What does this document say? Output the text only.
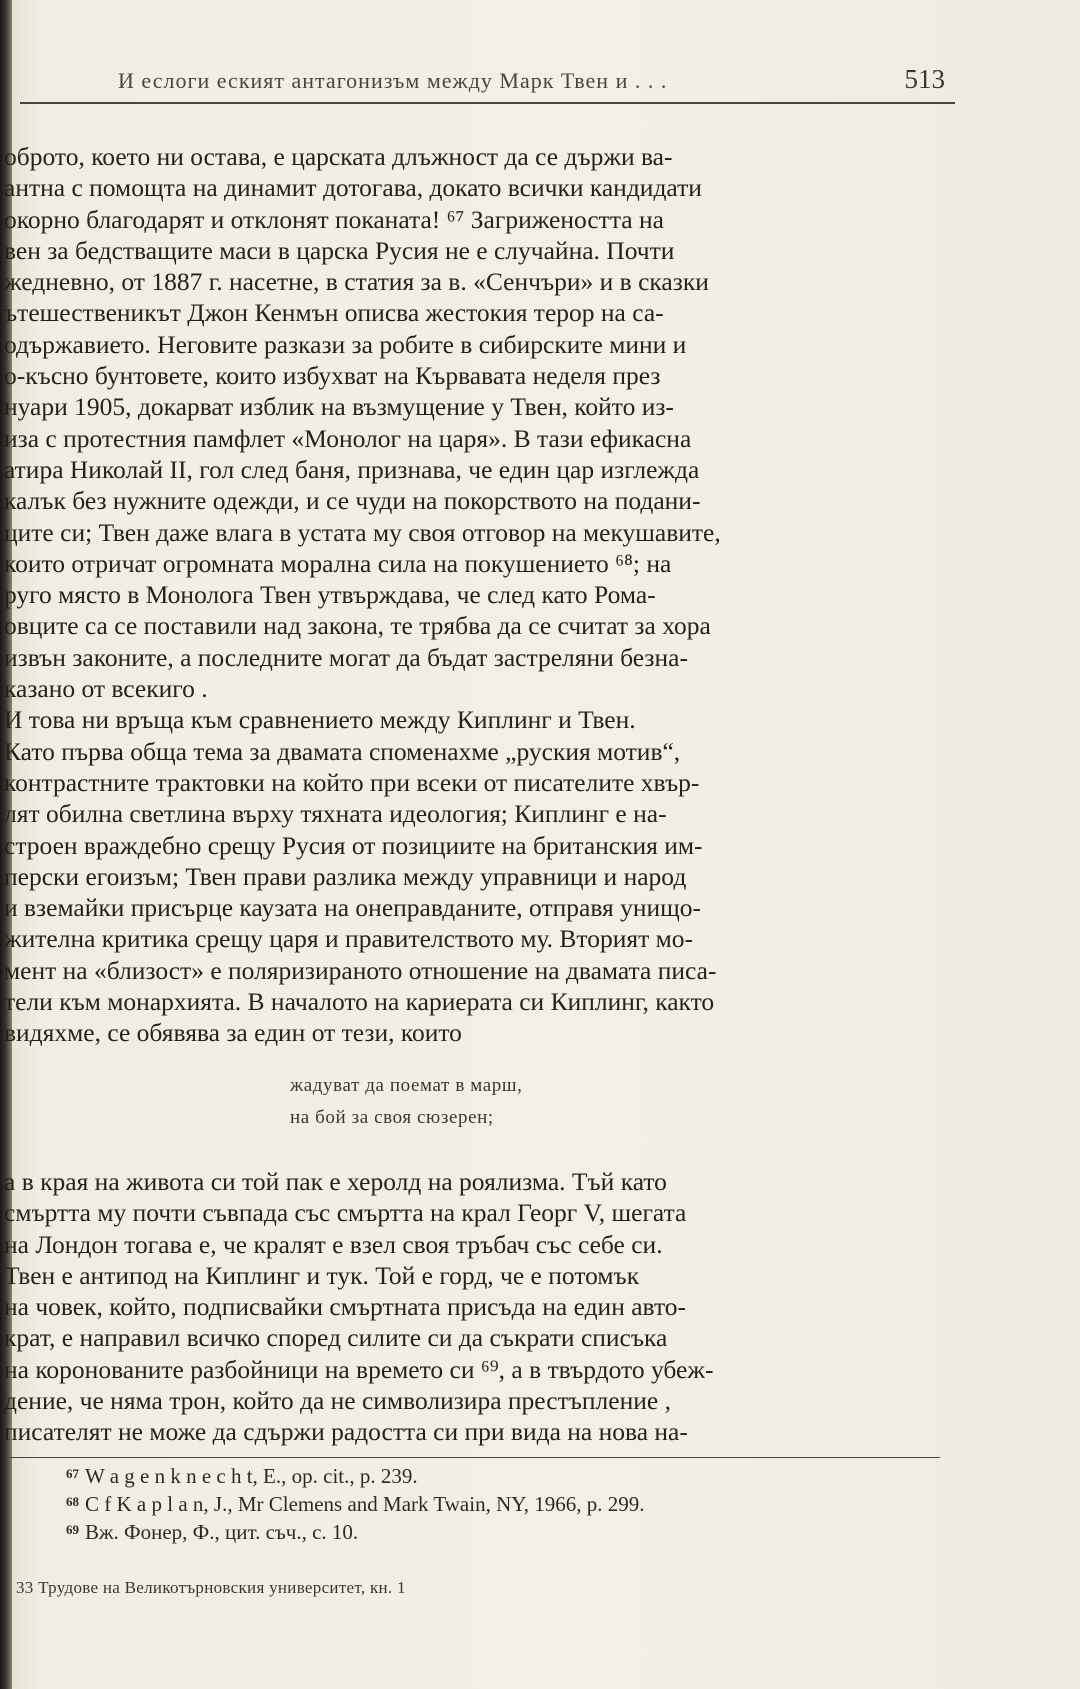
И еслоги еският антагонизъм между Марк Твен и . . .	513
оброто, което ни остава, е царската длъжност да се държи ва-
антна с помощта на динамит дотогава, докато всички кандидати
окорно благодарят и отклонят поканата! ⁶⁷ Загрижеността на
вен за бедстващите маси в царска Русия не е случайна. Почти
жедневно, от 1887 г. насетне, в статия за в. «Сенчъри» и в сказки
ътешественикът Джон Кенмън описва жестокия терор на са-
одържавието. Неговите разкази за робите в сибирските мини и
о-късно бунтовете, които избухват на Кървавата неделя през
нуари 1905, докарват изблик на възмущение у Твен, който из-
иза с протестния памфлет «Монолог на царя». В тази ефикасна
атира Николай II, гол след баня, признава, че един цар изглежда
калък без нужните одежди, и се чуди на покорството на подани-
ците си; Твен даже влага в устата му своя отговор на мекушавите,
които отричат огромната морална сила на покушението ⁶⁸; на
руго място в Монолога Твен утвърждава, че след като Рома-
овците са се поставили над закона, те трябва да се считат за хора
извън законите, а последните могат да бъдат застреляни безна-
казано от всекиго .
И това ни връща към сравнението между Киплинг и Твен.
Като първа обща тема за двамата споменахме „руския мотив“,
контрастните трактовки на който при всеки от писателите хвър-
лят обилна светлина върху тяхната идеология; Киплинг е на-
строен враждебно срещу Русия от позициите на британския им-
перски егоизъм; Твен прави разлика между управници и народ
и вземайки присърце каузата на онеправданите, отправя унищо-
жителна критика срещу царя и правителството му. Вторият мо-
мент на «близост» е поляризираното отношение на двамата писа-
тели към монархията. В началото на кариерата си Киплинг, както
видяхме, се обявява за един от тези, които
жадуват да поемат в марш,
на бой за своя сюзерен;
а в края на живота си той пак е херолд на роялизма. Тъй като
смъртта му почти съвпада със смъртта на крал Георг V, шегата
на Лондон тогава е, че кралят е взел своя тръбач със себе си.
Твен е антипод на Киплинг и тук. Той е горд, че е потомък
на човек, който, подписвайки смъртната присъда на един авто-
крат, е направил всичко според силите си да съкрати списъка
на коронованите разбойници на времето си ⁶⁹, а в твърдото убеж-
дение, че няма трон, който да не символизира престъпление ,
писателят не може да сдържи радостта си при вида на нова на-
$^{67}$ W a g e n k n e c h t, E., op. cit., p. 239.
$^{68}$ C f K a p l a n, J., Mr Clemens and Mark Twain, NY, 1966, p. 299.
$^{69}$ Вж. Фонер, Ф., цит. съч., с. 10.
33 Трудове на Великотърновския университет, кн. 1
